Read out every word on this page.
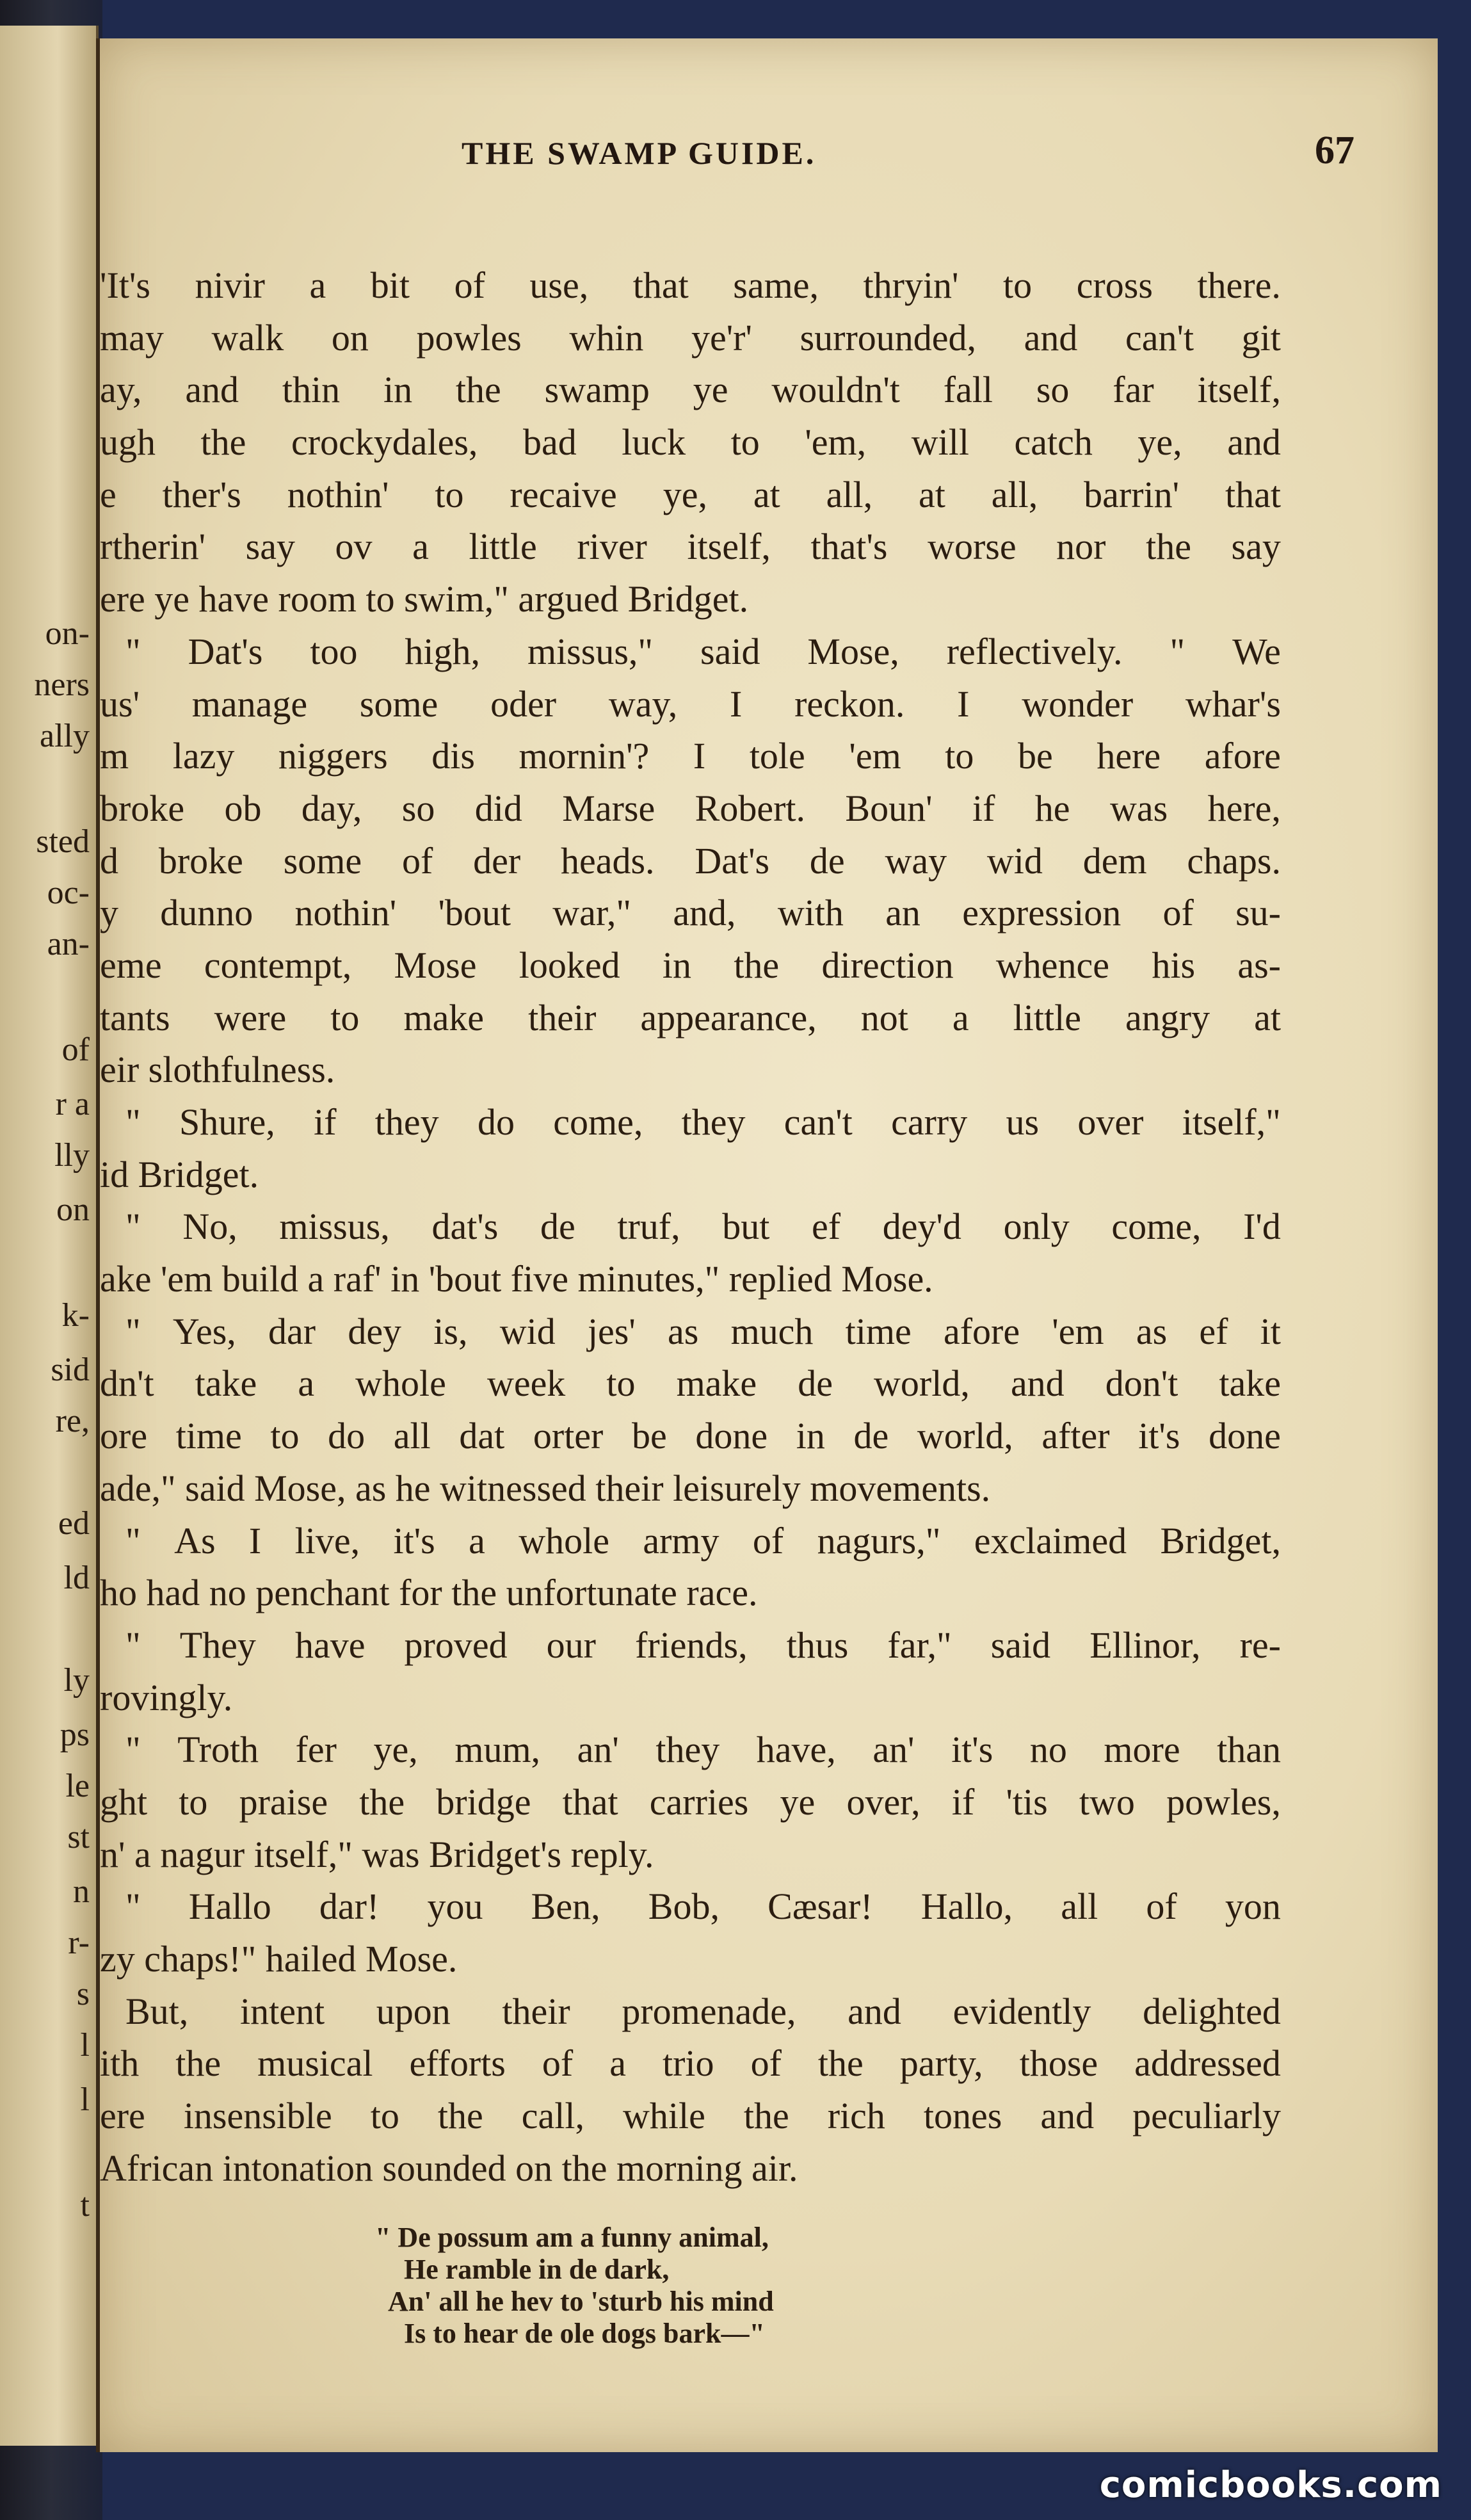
on-
ners
ally
sted
oc-
an-
of
r a
lly
on
k-
sid
re,
ed
ld
ly
ps
le
st
n
r-
s
l
l
t
THE SWAMP GUIDE.	67
'It's nivir a bit of use, that same, thryin' to cross there.
may walk on powles whin ye'r' surrounded, and can't git
ay, and thin in the swamp ye wouldn't fall so far itself,
ugh the crockydales, bad luck to 'em, will catch ye, and
e ther's nothin' to recaive ye, at all, at all, barrin' that
rtherin' say ov a little river itself, that's worse nor the say
ere ye have room to swim," argued Bridget.
" Dat's too high, missus," said Mose, reflectively. " We
us' manage some oder way, I reckon. I wonder whar's
m lazy niggers dis mornin'? I tole 'em to be here afore
broke ob day, so did Marse Robert. Boun' if he was here,
d broke some of der heads. Dat's de way wid dem chaps.
y dunno nothin' 'bout war," and, with an expression of su-
eme contempt, Mose looked in the direction whence his as-
tants were to make their appearance, not a little angry at
eir slothfulness.
" Shure, if they do come, they can't carry us over itself,"
id Bridget.
" No, missus, dat's de truf, but ef dey'd only come, I'd
ake 'em build a raf' in 'bout five minutes," replied Mose.
" Yes, dar dey is, wid jes' as much time afore 'em as ef it
dn't take a whole week to make de world, and don't take
ore time to do all dat orter be done in de world, after it's done
ade," said Mose, as he witnessed their leisurely movements.
" As I live, it's a whole army of nagurs," exclaimed Bridget,
ho had no penchant for the unfortunate race.
" They have proved our friends, thus far," said Ellinor, re-
rovingly.
" Troth fer ye, mum, an' they have, an' it's no more than
ght to praise the bridge that carries ye over, if 'tis two powles,
n' a nagur itself," was Bridget's reply.
" Hallo dar! you Ben, Bob, Cæsar! Hallo, all of yon
zy chaps!" hailed Mose.
But, intent upon their promenade, and evidently delighted
ith the musical efforts of a trio of the party, those addressed
ere insensible to the call, while the rich tones and peculiarly
African intonation sounded on the morning air.
" De possum am a funny animal,
He ramble in de dark,
An' all he hev to 'sturb his mind
Is to hear de ole dogs bark—"
comicbooks.com
